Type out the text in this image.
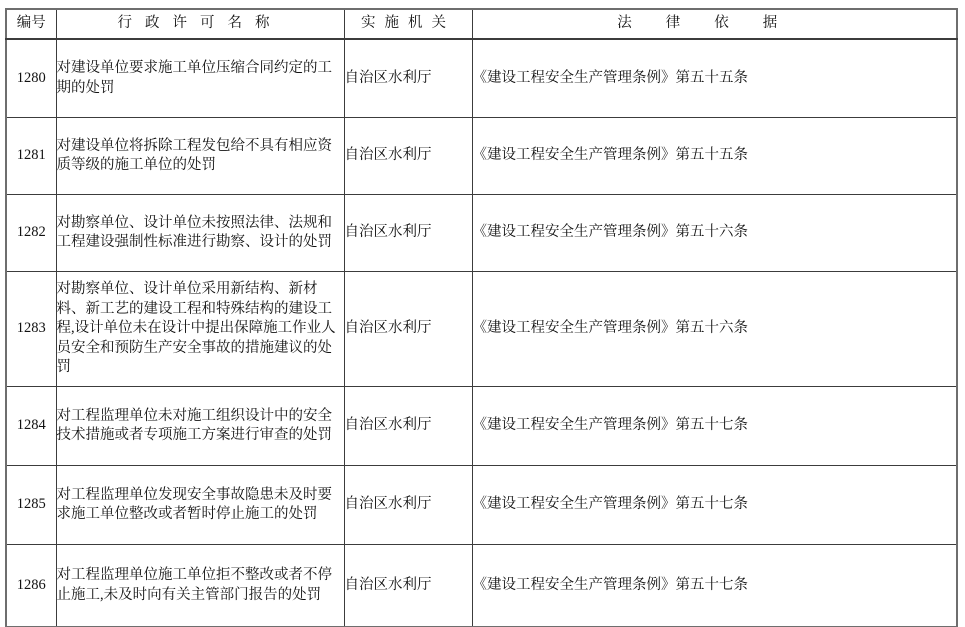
编号	行政许可名称	实施机关	法律依据
1280	对建设单位要求施工单位压缩合同约定的工期的处罚	自治区水利厅	《建设工程安全生产管理条例》第五十五条
1281	对建设单位将拆除工程发包给不具有相应资质等级的施工单位的处罚	自治区水利厅	《建设工程安全生产管理条例》第五十五条
1282	对勘察单位、设计单位未按照法律、法规和工程建设强制性标准进行勘察、设计的处罚	自治区水利厅	《建设工程安全生产管理条例》第五十六条
1283	对勘察单位、设计单位采用新结构、新材料、新工艺的建设工程和特殊结构的建设工程,设计单位未在设计中提出保障施工作业人员安全和预防生产安全事故的措施建议的处罚	自治区水利厅	《建设工程安全生产管理条例》第五十六条
1284	对工程监理单位未对施工组织设计中的安全技术措施或者专项施工方案进行审查的处罚	自治区水利厅	《建设工程安全生产管理条例》第五十七条
1285	对工程监理单位发现安全事故隐患未及时要求施工单位整改或者暂时停止施工的处罚	自治区水利厅	《建设工程安全生产管理条例》第五十七条
1286	对工程监理单位施工单位拒不整改或者不停止施工,未及时向有关主管部门报告的处罚	自治区水利厅	《建设工程安全生产管理条例》第五十七条
